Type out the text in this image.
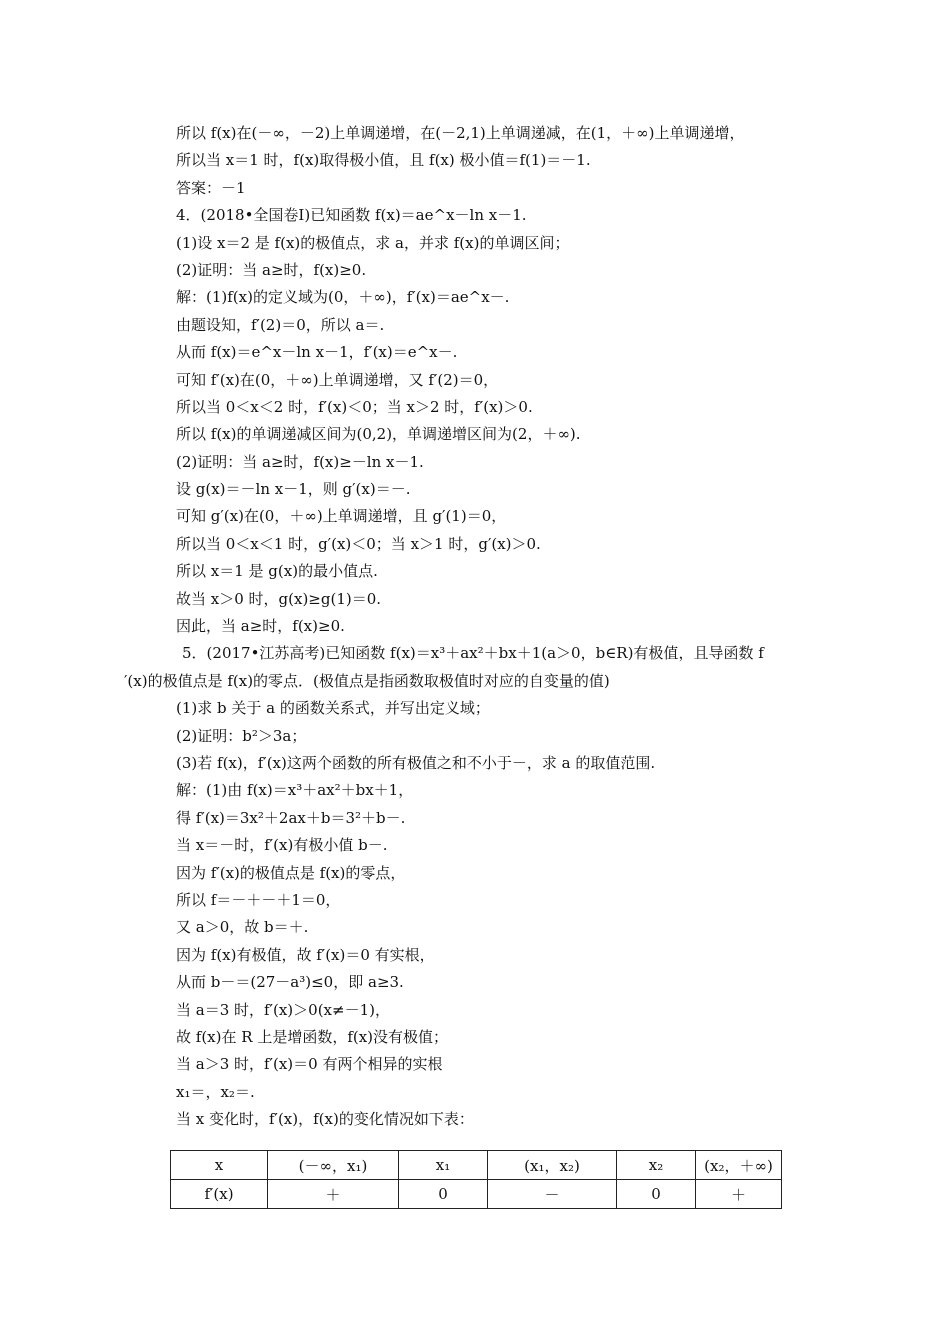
所以 f(x)在(－∞，－2)上单调递增，在(－2,1)上单调递减，在(1，＋∞)上单调递增，
所以当 x＝1 时，f(x)取得极小值，且 f(x) 极小值＝f(1)＝－1.
答案：－1
4．(2018•全国卷Ⅰ)已知函数 f(x)＝ae^x－ln x－1.
(1)设 x＝2 是 f(x)的极值点，求 a，并求 f(x)的单调区间；
(2)证明：当 a≥时，f(x)≥0.
解：(1)f(x)的定义域为(0，＋∞)，f′(x)＝ae^x－.
由题设知，f′(2)＝0，所以 a＝.
从而 f(x)＝e^x－ln x－1，f′(x)＝e^x－.
可知 f′(x)在(0，＋∞)上单调递增，又 f′(2)＝0，
所以当 0＜x＜2 时，f′(x)＜0；当 x＞2 时，f′(x)＞0.
所以 f(x)的单调递减区间为(0,2)，单调递增区间为(2，＋∞).
(2)证明：当 a≥时，f(x)≥－ln x－1.
设 g(x)＝－ln x－1，则 g′(x)＝－.
可知 g′(x)在(0，＋∞)上单调递增，且 g′(1)＝0，
所以当 0＜x＜1 时，g′(x)＜0；当 x＞1 时，g′(x)＞0.
所以 x＝1 是 g(x)的最小值点.
故当 x＞0 时，g(x)≥g(1)＝0.
因此，当 a≥时，f(x)≥0.
5．(2017•江苏高考)已知函数 f(x)＝x³＋ax²＋bx＋1(a＞0，b∈R)有极值，且导函数 f
′(x)的极值点是 f(x)的零点．(极值点是指函数取极值时对应的自变量的值)
(1)求 b 关于 a 的函数关系式，并写出定义域；
(2)证明：b²＞3a；
(3)若 f(x)，f′(x)这两个函数的所有极值之和不小于－，求 a 的取值范围.
解：(1)由 f(x)＝x³＋ax²＋bx＋1，
得 f′(x)＝3x²＋2ax＋b＝3²＋b－.
当 x＝－时，f′(x)有极小值 b－.
因为 f′(x)的极值点是 f(x)的零点，
所以 f＝－＋－＋1＝0，
又 a＞0，故 b＝＋.
因为 f(x)有极值，故 f′(x)＝0 有实根，
从而 b－＝(27－a³)≤0，即 a≥3.
当 a＝3 时，f′(x)＞0(x≠－1)，
故 f(x)在 R 上是增函数，f(x)没有极值；
当 a＞3 时，f′(x)＝0 有两个相异的实根
x₁＝，x₂＝.
当 x 变化时，f′(x)，f(x)的变化情况如下表：
x	(－∞，x₁)	x₁	(x₁，x₂)	x₂	(x₂，＋∞)
f′(x)	＋	0	－	0	＋
